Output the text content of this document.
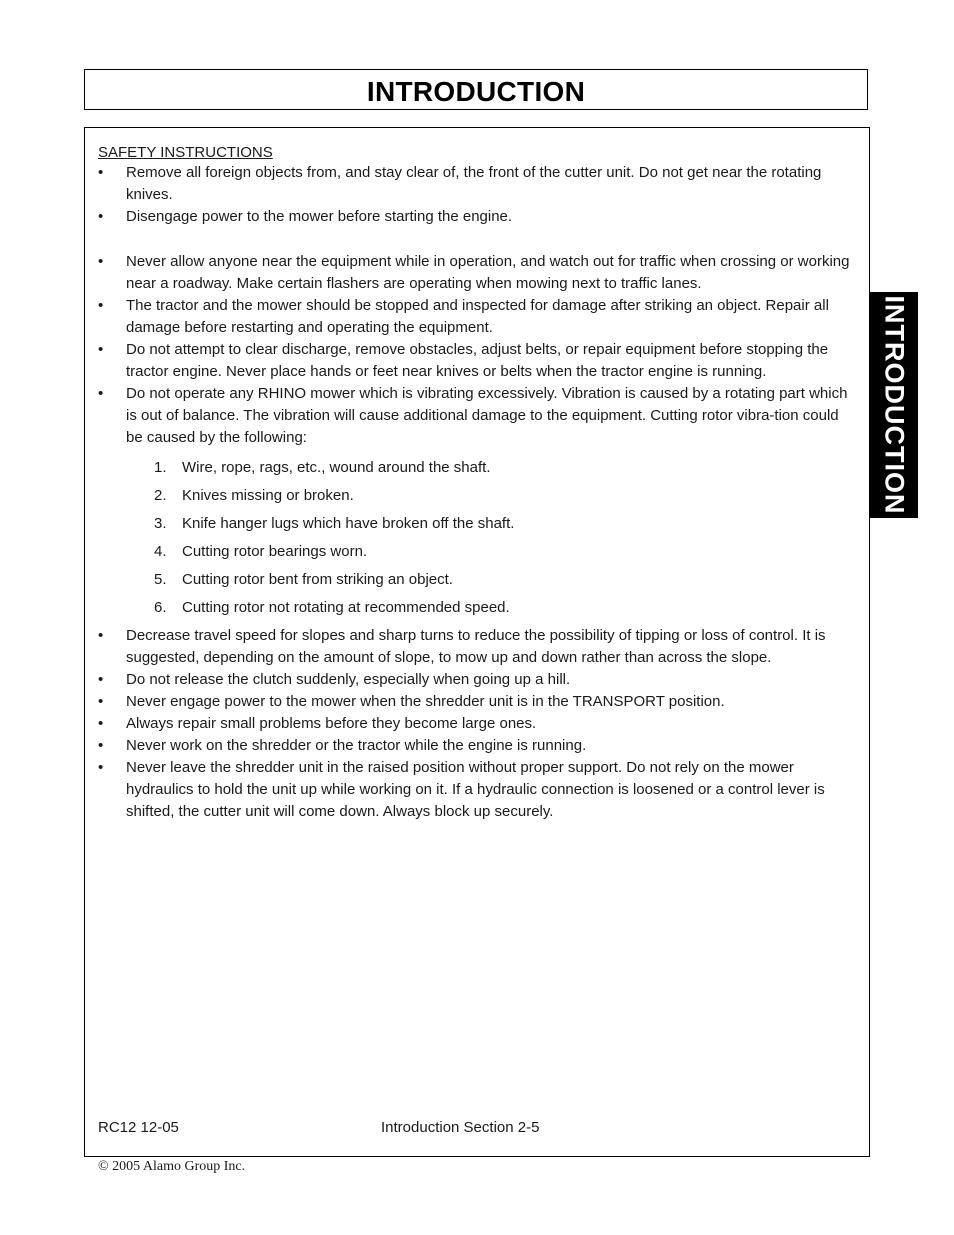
INTRODUCTION
INTRODUCTION
SAFETY INSTRUCTIONS
• Remove all foreign objects from, and stay clear of, the front of the cutter unit. Do not get near the rotating knives.
• Disengage power to the mower before starting the engine.
• Never allow anyone near the equipment while in operation, and watch out for traffic when crossing or working near a roadway. Make certain flashers are operating when mowing next to traffic lanes.
• The tractor and the mower should be stopped and inspected for damage after striking an object. Repair all damage before restarting and operating the equipment.
• Do not attempt to clear discharge, remove obstacles, adjust belts, or repair equipment before stopping the tractor engine. Never place hands or feet near knives or belts when the tractor engine is running.
• Do not operate any RHINO mower which is vibrating excessively. Vibration is caused by a rotating part which is out of balance. The vibration will cause additional damage to the equipment. Cutting rotor vibra-tion could be caused by the following:
1. Wire, rope, rags, etc., wound around the shaft.
2. Knives missing or broken.
3. Knife hanger lugs which have broken off the shaft.
4. Cutting rotor bearings worn.
5. Cutting rotor bent from striking an object.
6. Cutting rotor not rotating at recommended speed.
• Decrease travel speed for slopes and sharp turns to reduce the possibility of tipping or loss of control. It is suggested, depending on the amount of slope, to mow up and down rather than across the slope.
• Do not release the clutch suddenly, especially when going up a hill.
• Never engage power to the mower when the shredder unit is in the TRANSPORT position.
• Always repair small problems before they become large ones.
• Never work on the shredder or the tractor while the engine is running.
• Never leave the shredder unit in the raised position without proper support. Do not rely on the mower hydraulics to hold the unit up while working on it. If a hydraulic connection is loosened or a control lever is shifted, the cutter unit will come down. Always block up securely.
RC12 12-05	Introduction Section 2-5
© 2005 Alamo Group Inc.
